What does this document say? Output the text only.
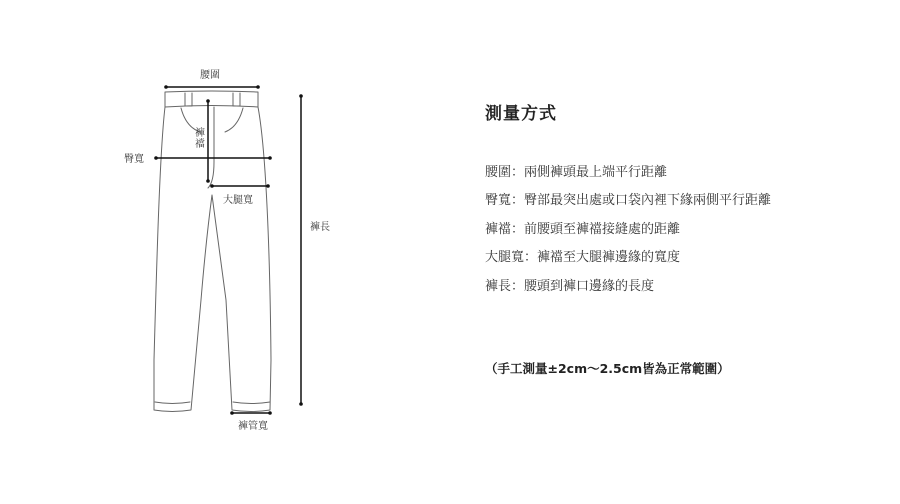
腰圍
臀寬
褲襠
大腿寬
褲長
褲管寬
測量方式
腰圍：兩側褲頭最上端平行距離
臀寬：臀部最突出處或口袋內裡下緣兩側平行距離
褲襠：前腰頭至褲襠接縫處的距離
大腿寬：褲襠至大腿褲邊緣的寬度
褲長：腰頭到褲口邊緣的長度
（手工測量±2cm～2.5cm皆為正常範圍）
